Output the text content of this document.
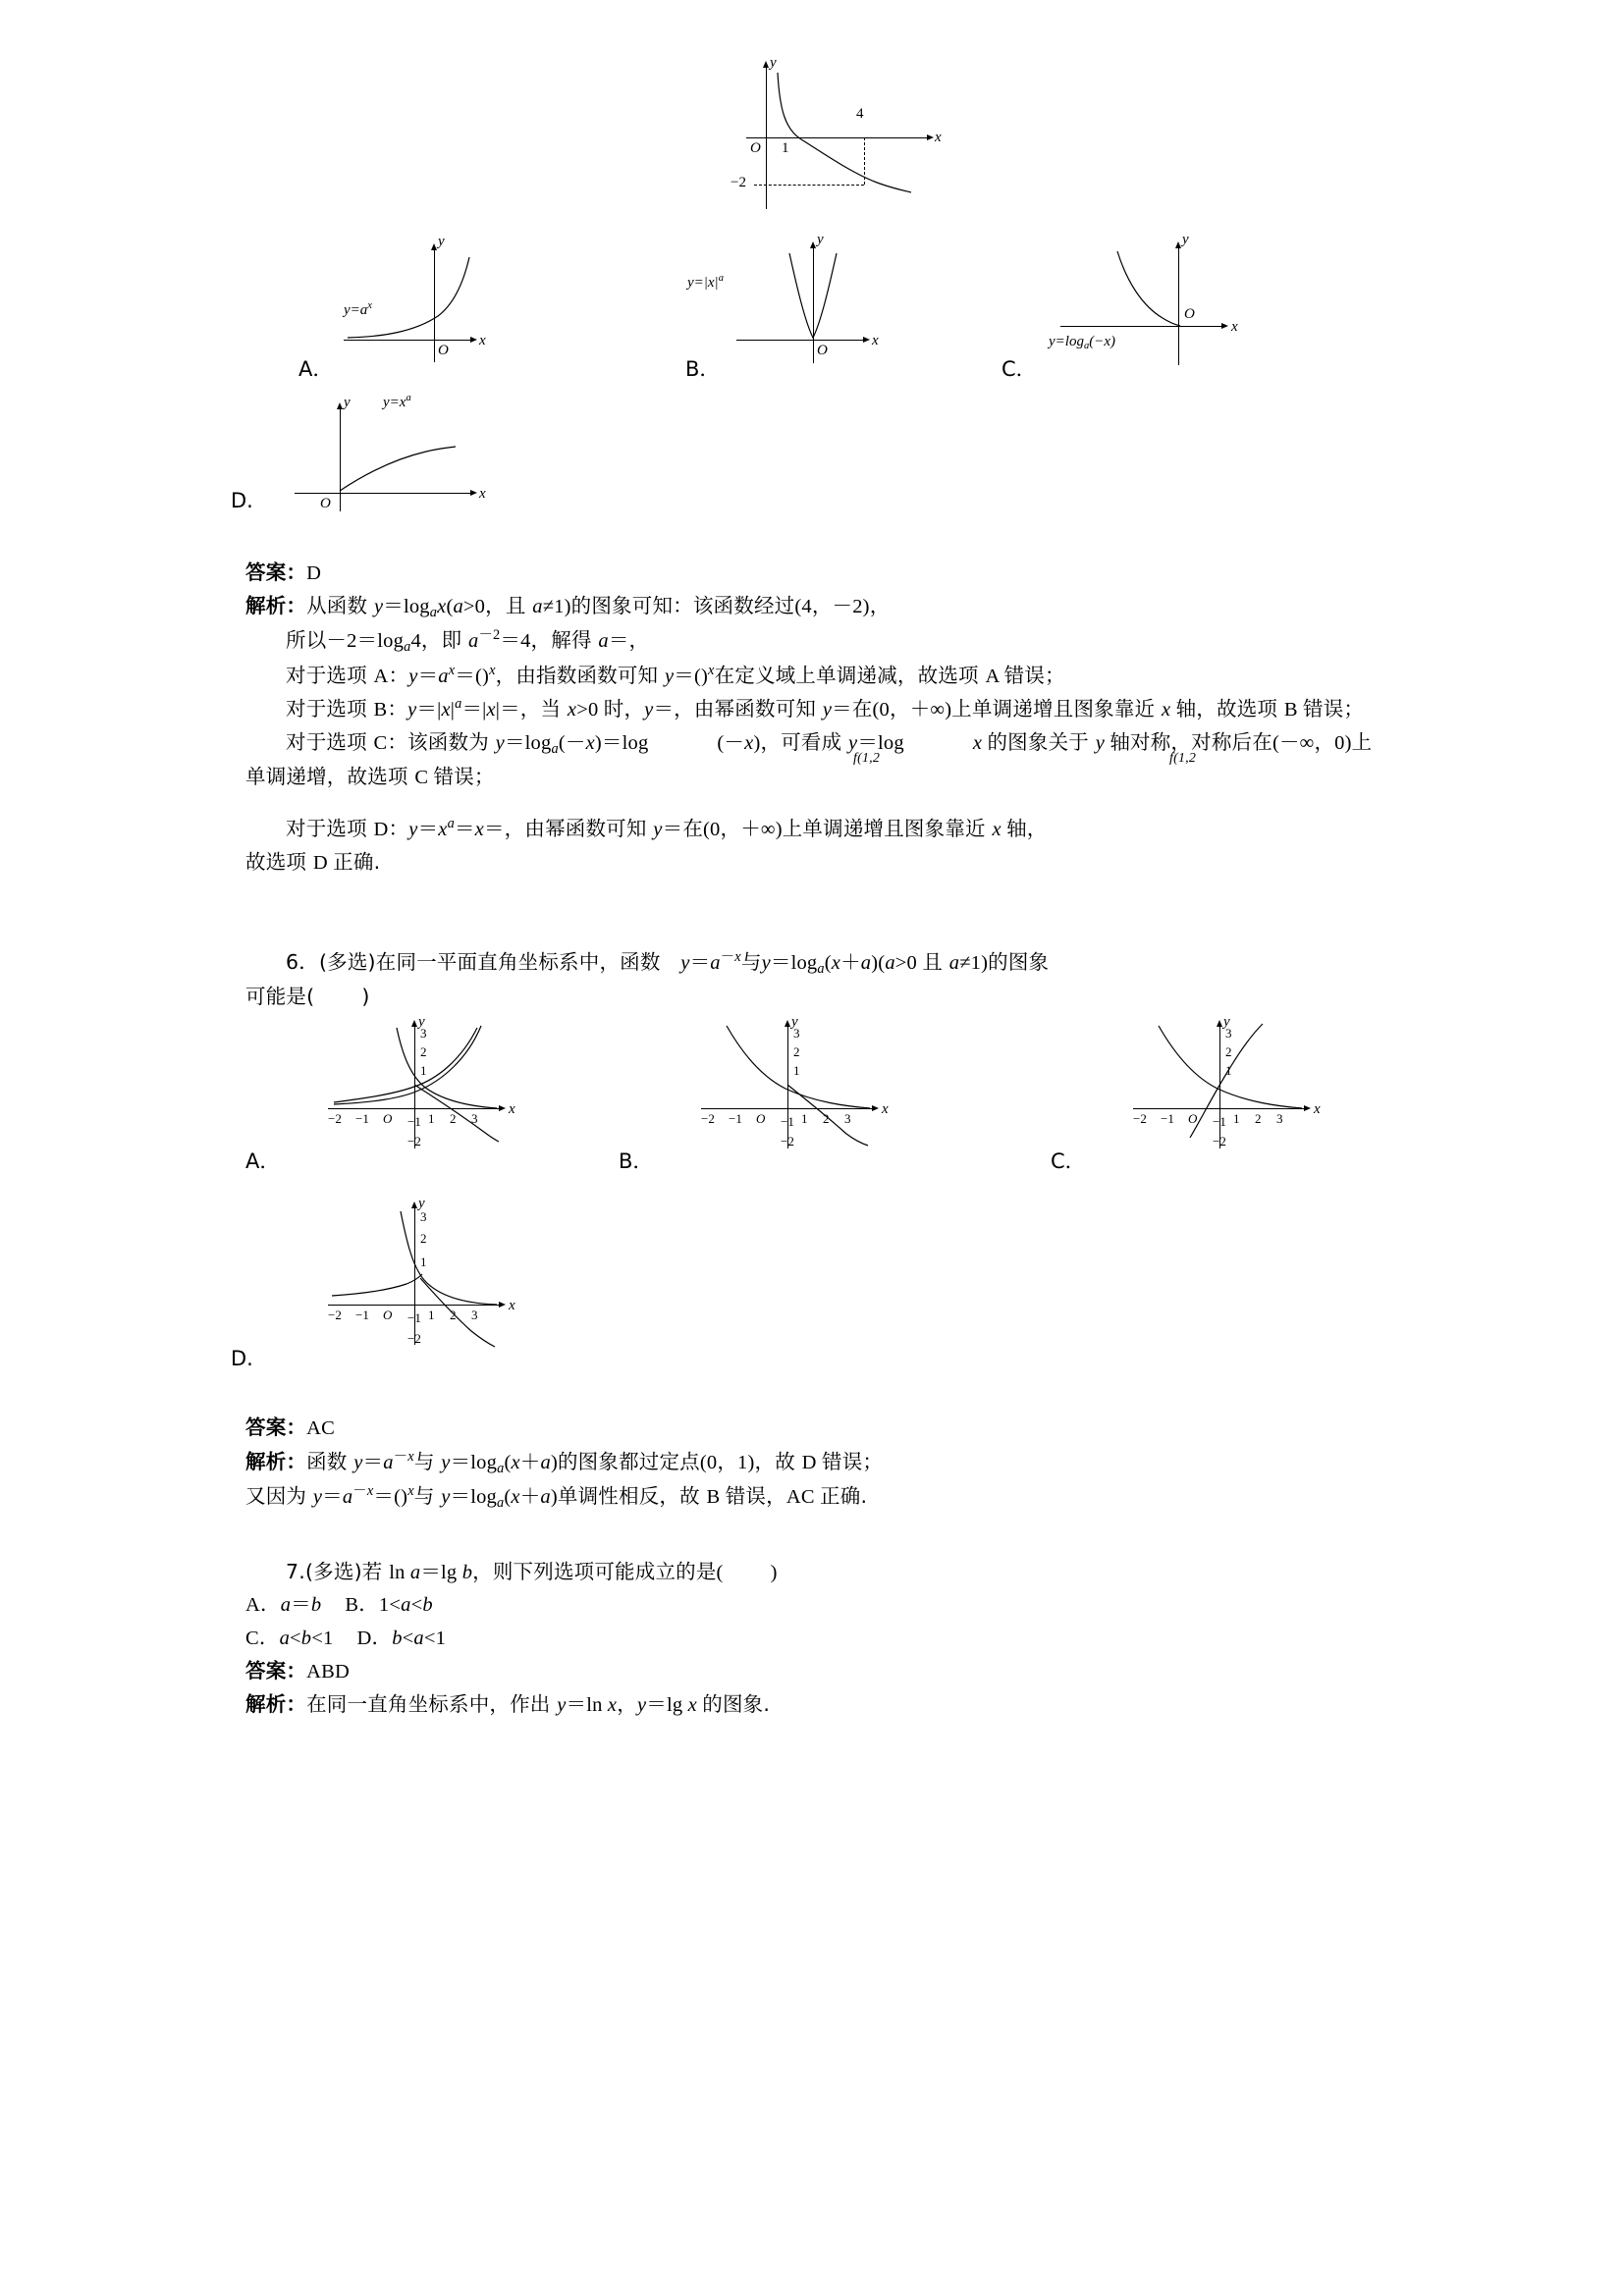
y
x
O 1
4
−2
A．
y
x
O
$y=a^x$
B．
y
x
O
$y=|x|^a$
C．
y
x
O
$y=\log_a(-x)$
y
x
O
$y=x^a$
D.

答案：D

解析：从函数 $y=\log_ax(a>0$，且 a≠1)的图象可知：该函数经过(4，－2)，

所以$-2=\log_a4$，即 $a^{-2}=4$，解得 a＝，

对于选项 A：$y=a^x=()^x$，由指数函数可知 y＝()$^x$在定义域上单调递减，故选项 A 错误；

对于选项 B：$y=|x|^a=|x|=$，当 x>0 时，y＝，由幂函数可知 y＝在(0，＋∞)上单调递增且图象靠近 x 轴，故选项 B 错误；

对于选项 C：该函数为 $y=\log_a(-x)=\log$	(－x)，可看成 y＝log	x 的图象关于 y 轴对称，对称后在(－∞，0)上单调递增，故选项 C 错误；
f(1,2	f(1,2

对于选项 D：$y=x^a=x=$，由幂函数可知 y＝在(0，＋∞)上单调递增且图象靠近 x 轴，

故选项 D 正确.

6．(多选)在同一平面直角坐标系中，函数　 $y=a^{-x}$与$y=\log_a(x+a)(a>0$ 且 a≠1)的图象

可能是( )

y
x
3
2
1
−1
−2
−2 −1 O	1 2 3
A．
y
x
3
2
1
−1
−2
−2 −1 O	1 2 3
B．
y
x
3
2
1
−1
−2
−2 −1 O	1 2 3
C．
y
x
3
2
1
−1
−2
−2 −1 O	1 2 3
D.

答案：AC

解析：函数 $y=a^{-x}$与 $y=\log_a(x+a)$的图象都过定点(0，1)，故 D 错误；

又因为 $y=a^{-x}=()^x$与 $y=\log_a(x+a)$单调性相反，故 B 错误，AC 正确.

7.(多选)若 ln a＝lg b，则下列选项可能成立的是( )

A．a＝b B．1<a<b

C．a<b<1 D．b<a<1

答案：ABD

解析：在同一直角坐标系中，作出 y＝ln x，y＝lg x 的图象.
